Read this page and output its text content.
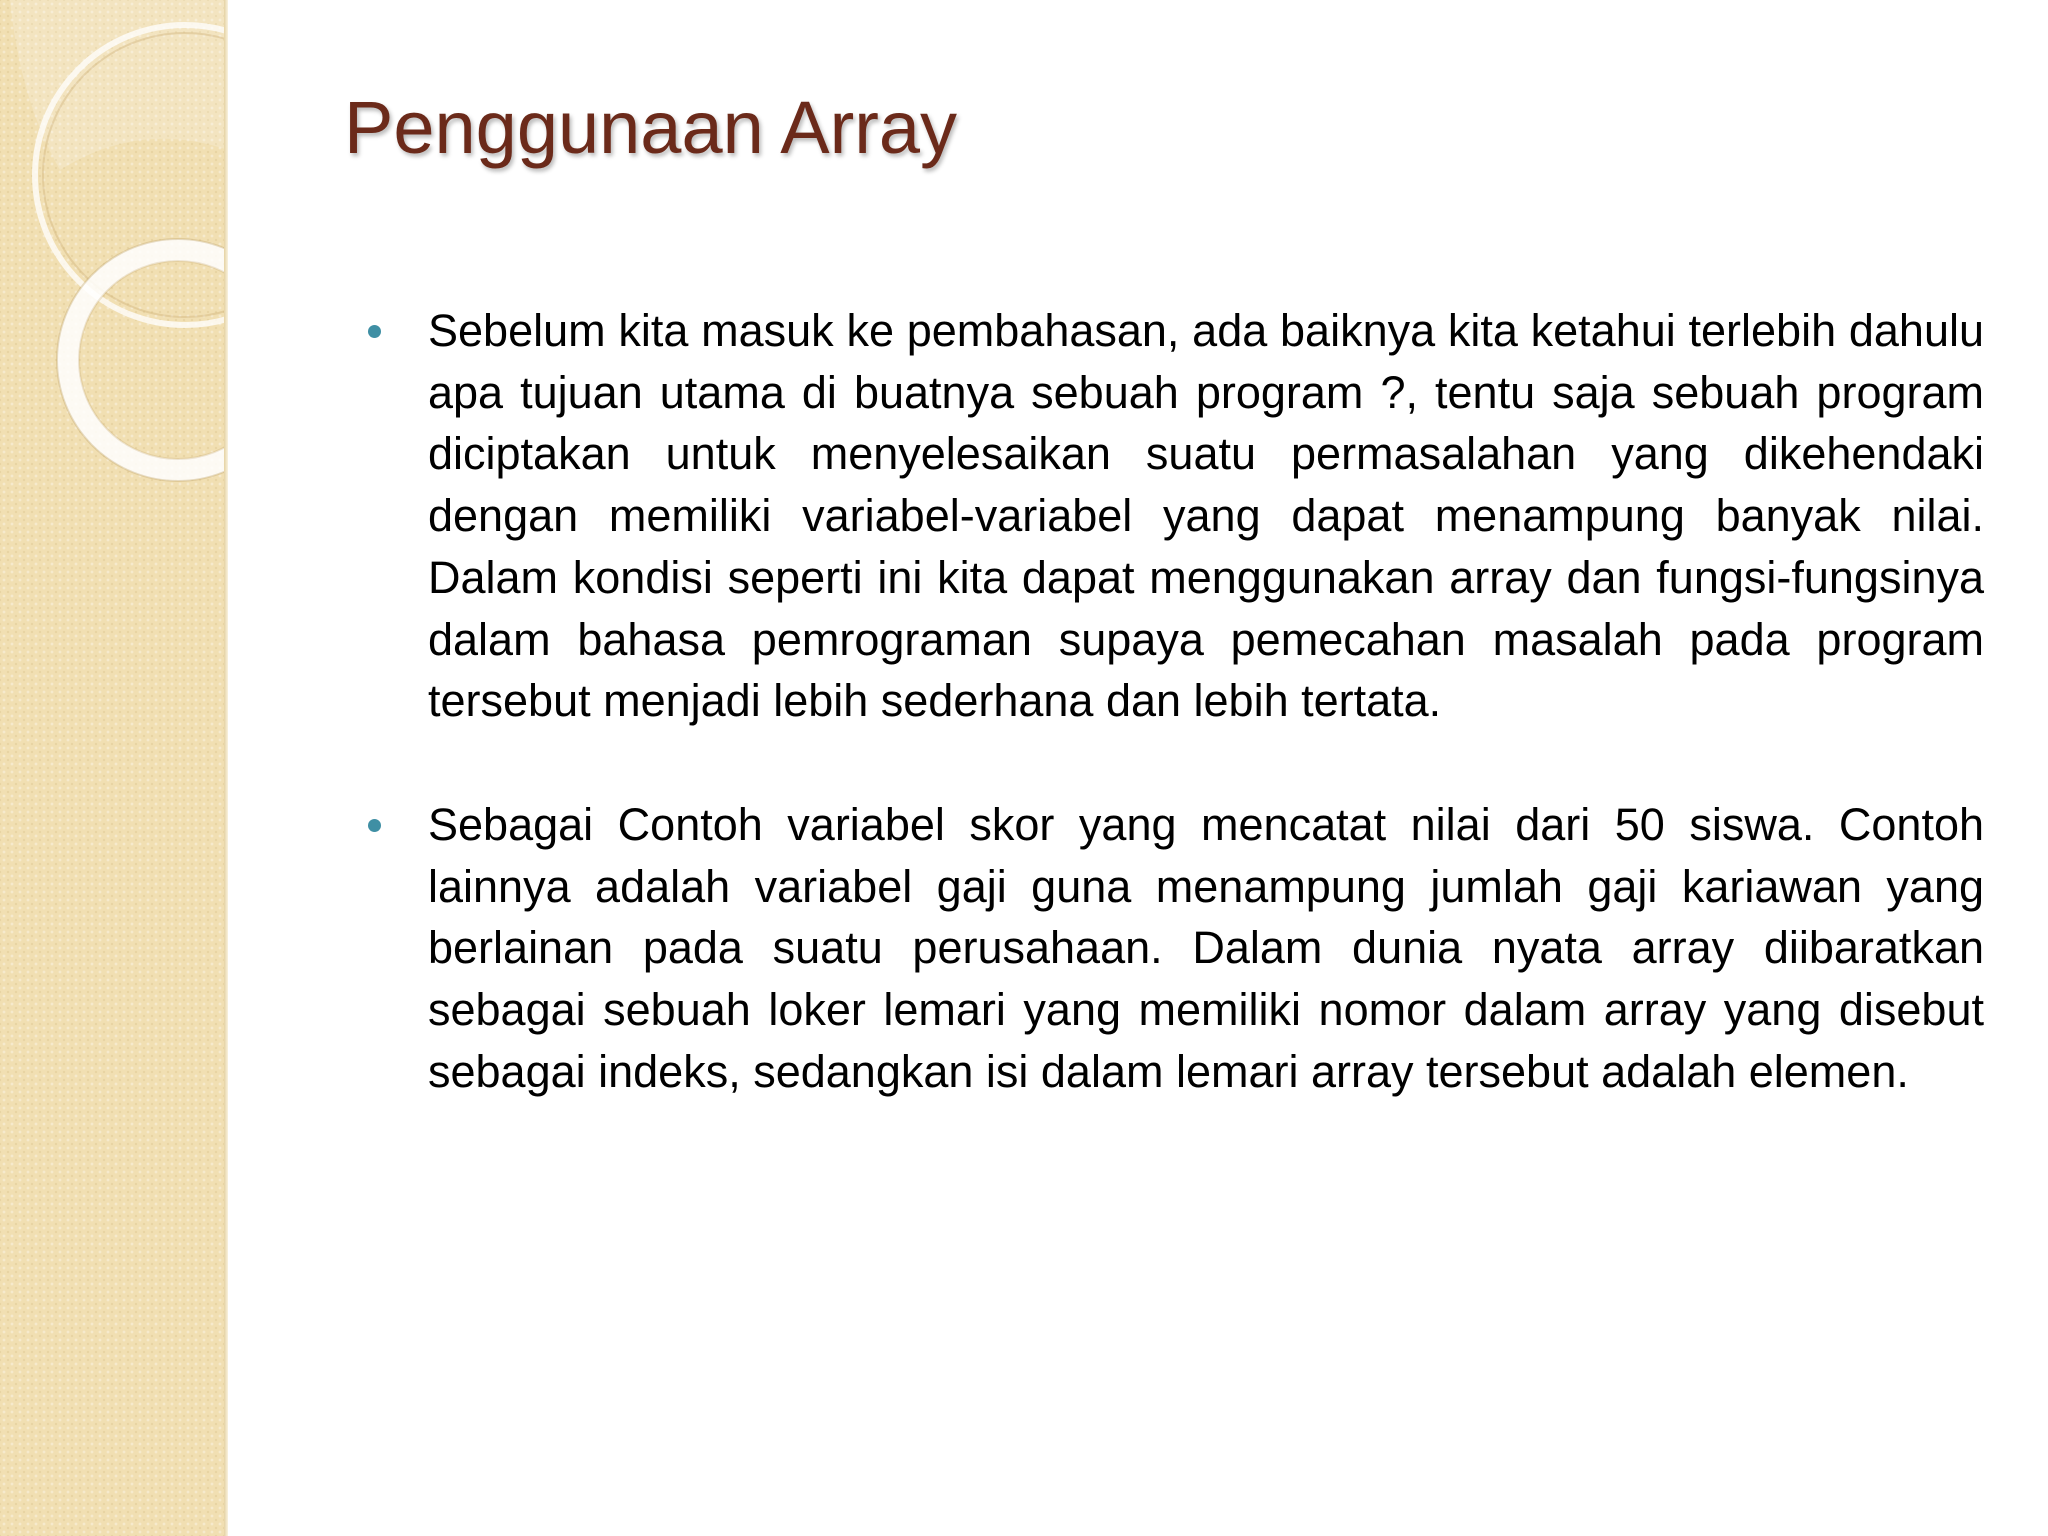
Penggunaan Array
Sebelum kita masuk ke pembahasan, ada baiknya kita ketahui terlebih dahulu apa tujuan utama di buatnya sebuah program ?, tentu saja sebuah program diciptakan untuk menyelesaikan suatu permasalahan yang dikehendaki dengan memiliki variabel-variabel yang dapat menampung banyak nilai. Dalam kondisi seperti ini kita dapat menggunakan array dan fungsi-fungsinya dalam bahasa pemrograman supaya pemecahan masalah pada program tersebut menjadi lebih sederhana dan lebih tertata.
Sebagai Contoh variabel skor yang mencatat nilai dari 50 siswa. Contoh lainnya adalah variabel gaji guna menampung jumlah gaji kariawan yang berlainan pada suatu perusahaan. Dalam dunia nyata array diibaratkan sebagai sebuah loker lemari yang memiliki nomor dalam array yang disebut sebagai indeks, sedangkan isi dalam lemari array tersebut adalah elemen.
